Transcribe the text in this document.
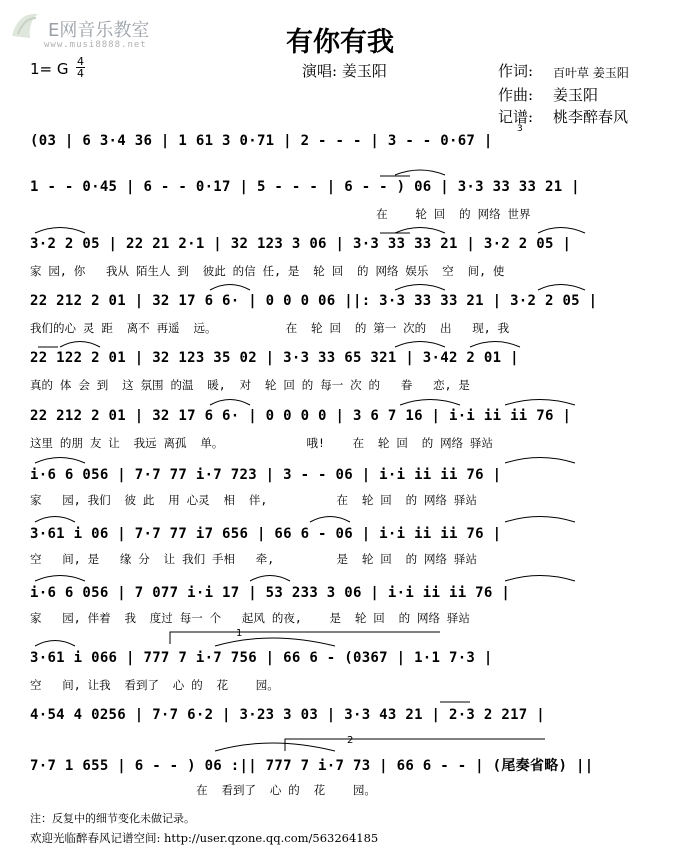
E网音乐教室
www.musi8888.net	有你有我
1= G 4
4	演唱: 姜玉阳	作词: 百叶草 姜玉阳
作曲: 姜玉阳
记谱: 桃李醉春风
(03 | 6 3·4 36 | 1 61 3 0·71 | 2 - - - | 3 - - 0·67 |
1 - - 0·45 | 6 - - 0·17 | 5 - - - | 6 - - ) 06 | 3·3 33 33 21 |
在    轮 回  的 网络 世界
3·2 2 05 | 22 21 2·1 | 32 123 3 06 | 3·3 33 33 21 | 3·2 2 05 |
家 园, 你   我从 陌生人 到  彼此 的信 任, 是  轮 回  的 网络 娱乐  空  间, 使
22 212 2 01 | 32 17 6 6· | 0 0 0 06 ||: 3·3 33 33 21 | 3·2 2 05 |
我们的心 灵 距  离不 再遥  远。          在  轮 回  的 第一 次的  出   现, 我
22 122 2 01 | 32 123 35 02 | 3·3 33 65 321 | 3·42 2 01 |
真的 体 会 到  这 氛围 的温  暖,  对  轮 回 的 每一 次 的   眷   恋, 是
22 212 2 01 | 32 17 6 6· | 0 0 0 0 | 3 6 7 16 | i·i ii ii 76 |
这里 的朋 友 让  我远 离孤  单。            哦!    在  轮 回  的 网络 驿站
i·6 6 056 | 7·7 77 i·7 723 | 3 - - 06 | i·i ii ii 76 |
家   园, 我们  彼 此  用 心灵  相  伴,          在  轮 回  的 网络 驿站
3·61 i 06 | 7·7 77 i7 656 | 66 6 - 06 | i·i ii ii 76 |
空   间, 是   缘 分  让 我们 手相   牵,         是  轮 回  的 网络 驿站
i·6 6 056 | 7 077 i·i 17 | 53 233 3 06 | i·i ii ii 76 |
家   园, 伴着  我  度过 每一 个   起风 的夜,    是  轮 回  的 网络 驿站
3·61 i 066 | 777 7 i·7 756 | 66 6 - (0367 | 1·1 7·3 |
空   间, 让我  看到了  心 的  花    园。
4·54 4 0256 | 7·7 6·2 | 3·23 3 03 | 3·3 43 21 | 2·3 2 217 |
7·7 1 655 | 6 - - ) 06 :|| 777 7 i·7 73 | 66 6 - - | (尾奏省略) ||
在  看到了  心 的  花    园。
1
2
3
注：反复中的细节变化未做记录。
欢迎光临醉春风记谱空间: http://user.qzone.qq.com/563264185
